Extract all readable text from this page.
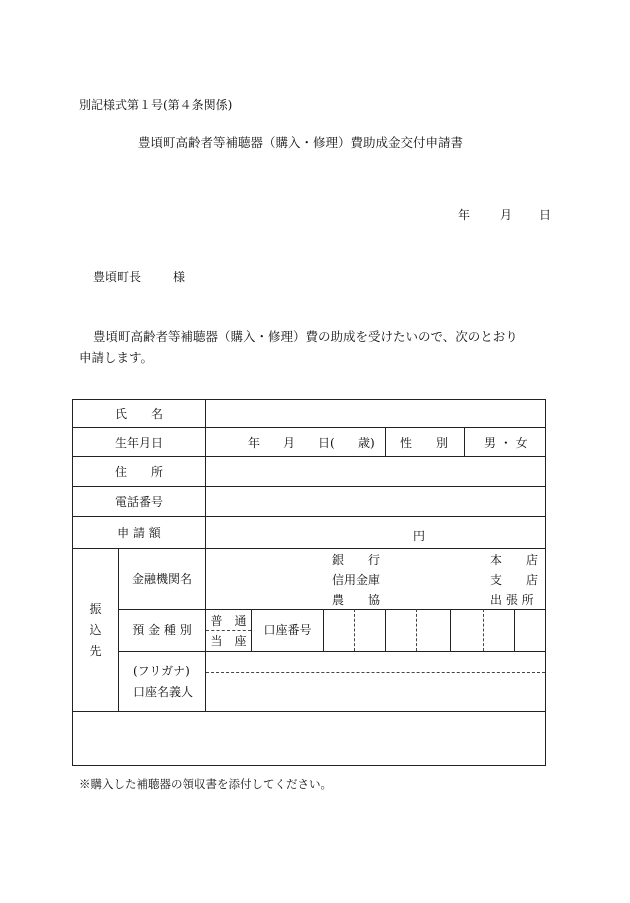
別記様式第１号(第４条関係)
豊頃町高齢者等補聴器（購入・修理）費助成金交付申請書
年 月 日
豊頃町長	様
豊頃町高齢者等補聴器（購入・修理）費の助成を受けたいので、次のとおり
申請します。
氏　　名
生年月日
住　　所
電話番号
申 請 額
年 月 日( 歳) 性　　別	男 ・ 女
円
振
込
先
金融機関名
銀　　行
信用金庫
農　　協
本　　店
支　　店
出 張 所
預 金 種 別
普　通
当　座
口座番号
(フリガナ)
口座名義人
※購入した補聴器の領収書を添付してください。
